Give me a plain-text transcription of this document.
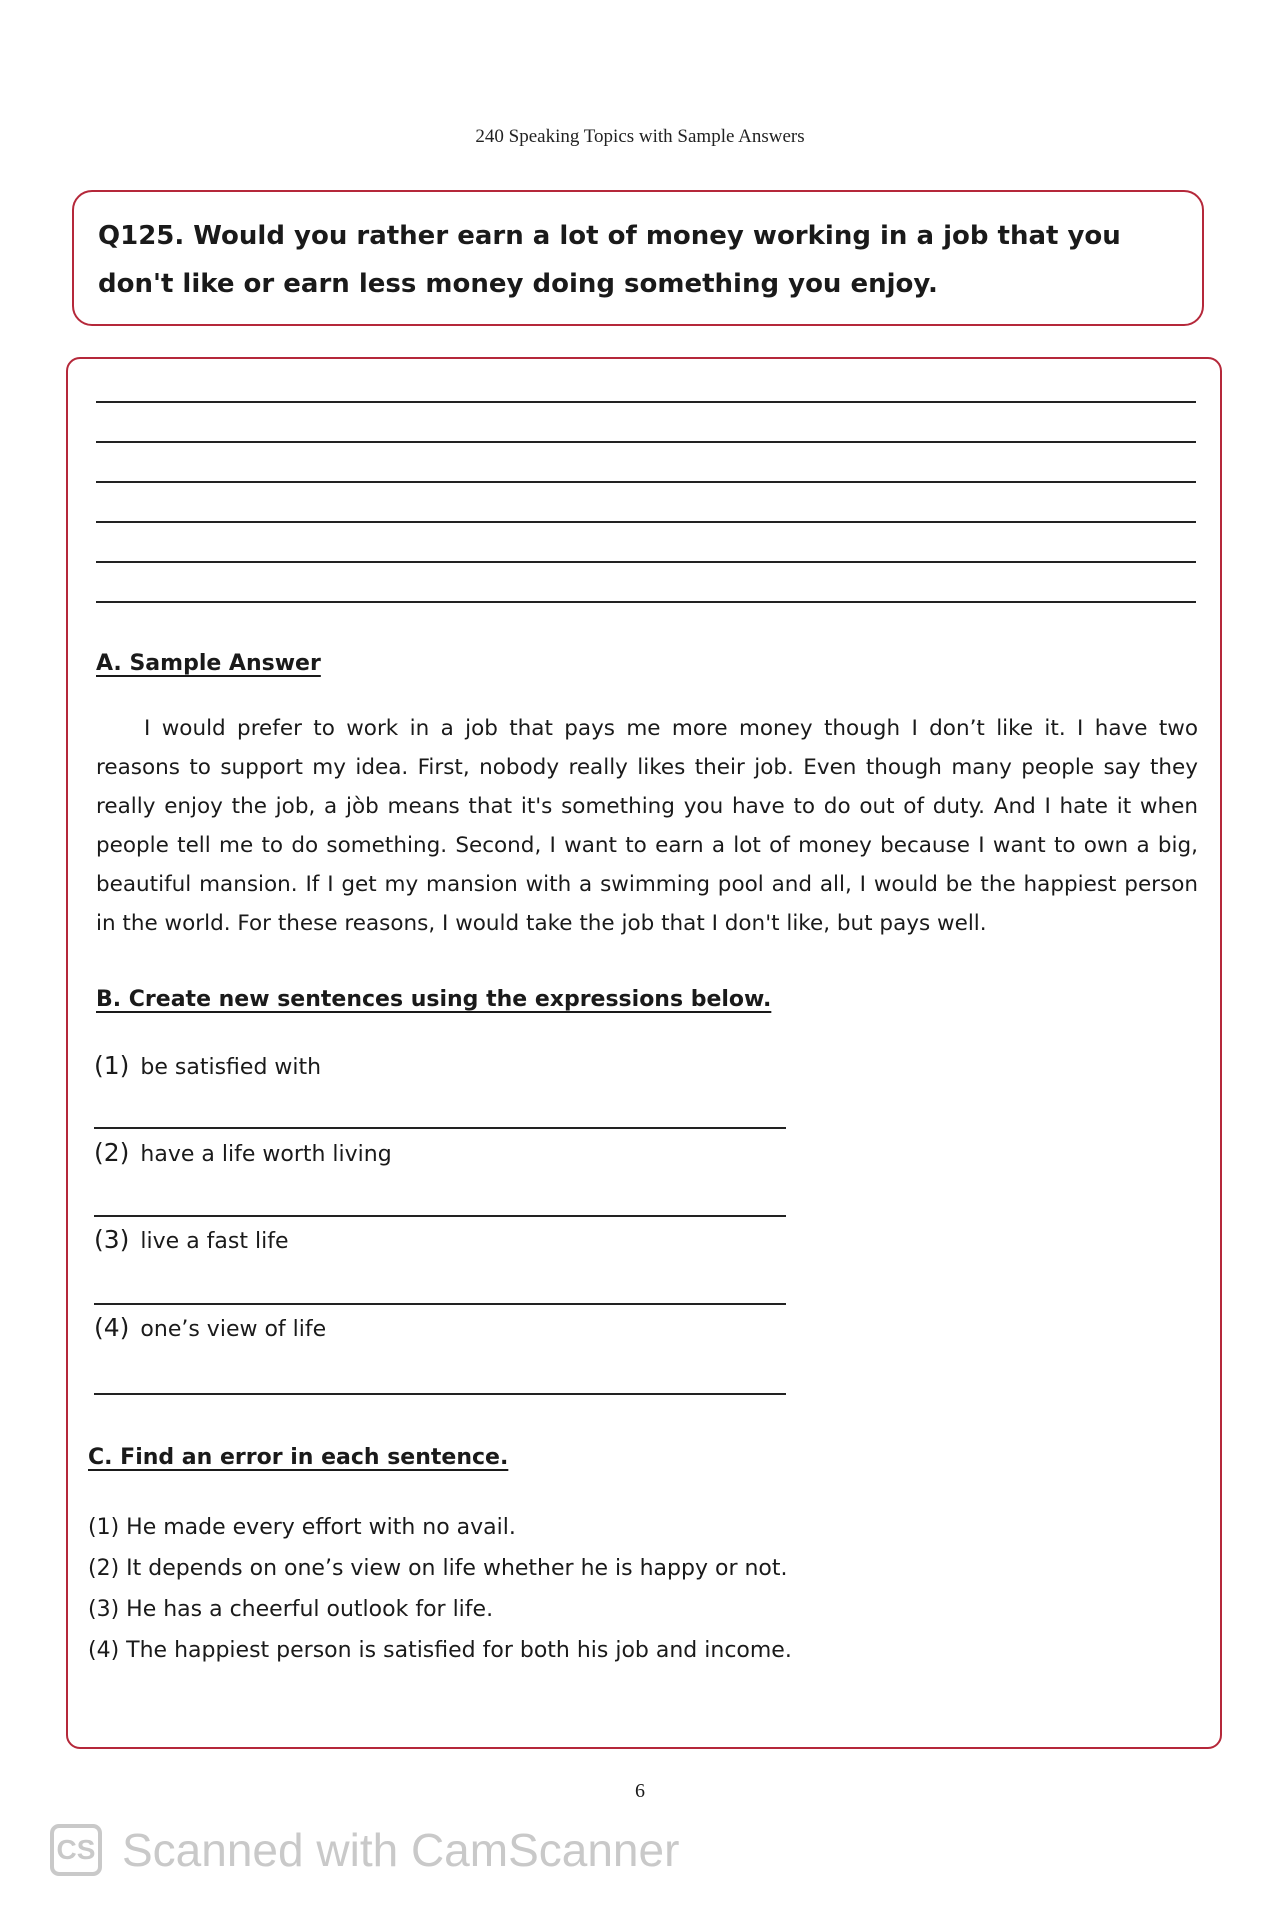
240 Speaking Topics with Sample Answers

Q125. Would you rather earn a lot of money working in a job that you don't like or earn less money doing something you enjoy.

A. Sample Answer

I would prefer to work in a job that pays me more money though I don’t like it. I have two reasons to support my idea. First, nobody really likes their job. Even though many people say they really enjoy the job, a jòb means that it's something you have to do out of duty. And I hate it when people tell me to do something. Second, I want to earn a lot of money because I want to own a big, beautiful mansion. If I get my mansion with a swimming pool and all, I would be the happiest person in the world. For these reasons, I would take the job that I don't like, but pays well.

B. Create new sentences using the expressions below.
(1) be satisfied with
(2) have a life worth living
(3) live a fast life
(4) one’s view of life
C. Find an error in each sentence.
(1) He made every effort with no avail.
(2) It depends on one’s view on life whether he is happy or not.
(3) He has a cheerful outlook for life.
(4) The happiest person is satisfied for both his job and income.
6
CS Scanned with CamScanner
